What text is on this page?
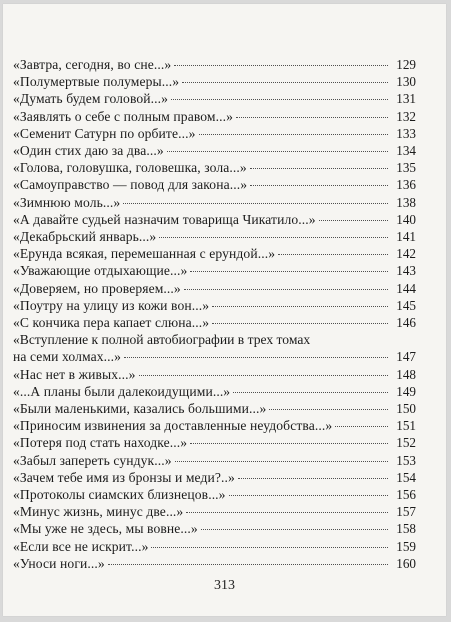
«Завтра, сегодня, во сне...»	129
«Полумертвые полумеры...»	130
«Думать будем головой...»	131
«Заявлять о себе с полным правом...»	132
«Семенит Сатурн по орбите...»	133
«Один стих даю за два...»	134
«Голова, головушка, головешка, зола...»	135
«Самоуправство — повод для закона...»	136
«Зимнюю моль...»	138
«А давайте судьей назначим товарища Чикатило...»	140
«Декабрьский январь...»	141
«Ерунда всякая, перемешанная с ерундой...»	142
«Уважающие отдыхающие...»	143
«Доверяем, но проверяем...»	144
«Поутру на улицу из кожи вон...»	145
«С кончика пера капает слюна...»	146
«Вступление к полной автобиографии в трех томах
на семи холмах...»	147
«Нас нет в живых...»	148
«...А планы были далекоидущими...»	149
«Были маленькими, казались большими...»	150
«Приносим извинения за доставленные неудобства...»	151
«Потеря под стать находке...»	152
«Забыл запереть сундук...»	153
«Зачем тебе имя из бронзы и меди?..»	154
«Протоколы сиамских близнецов...»	156
«Минус жизнь, минус две...»	157
«Мы уже не здесь, мы вовне...»	158
«Если все не искрит...»	159
«Уноси ноги...»	160
313
